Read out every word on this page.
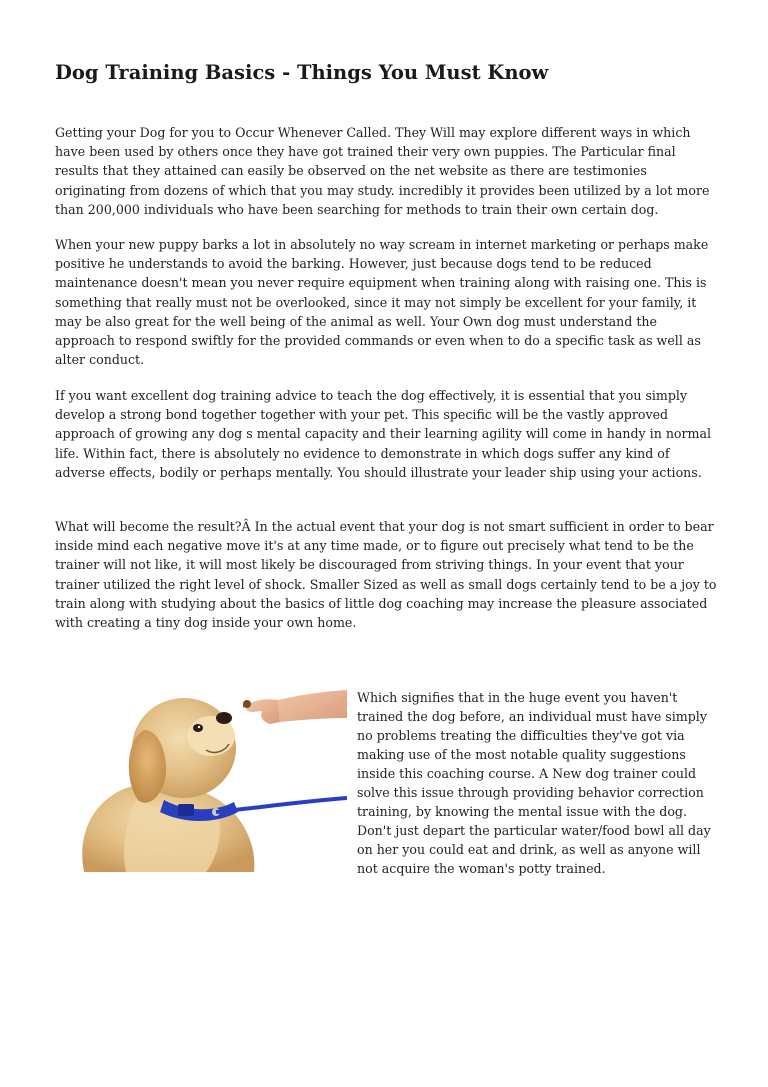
Dog Training Basics - Things You Must Know

Getting your Dog for you to Occur Whenever Called. They Will may explore different ways in which have been used by others once they have got trained their very own puppies. The Particular final results that they attained can easily be observed on the net website as there are testimonies originating from dozens of which that you may study. incredibly it provides been utilized by a lot more than 200,000 individuals who have been searching for methods to train their own certain dog.

When your new puppy barks a lot in absolutely no way scream in internet marketing or perhaps make positive he understands to avoid the barking. However, just because dogs tend to be reduced maintenance doesn't mean you never require equipment when training along with raising one. This is something that really must not be overlooked, since it may not simply be excellent for your family, it may be also great for the well being of the animal as well. Your Own dog must understand the approach to respond swiftly for the provided commands or even when to do a specific task as well as alter conduct.

If you want excellent dog training advice to teach the dog effectively, it is essential that you simply develop a strong bond together together with your pet. This specific will be the vastly approved approach of growing any dog s mental capacity and their learning agility will come in handy in normal life. Within fact, there is absolutely no evidence to demonstrate in which dogs suffer any kind of adverse effects, bodily or perhaps mentally. You should illustrate your leader ship using your actions.

What will become the result?Â In the actual event that your dog is not smart sufficient in order to bear inside mind each negative move it's at any time made, or to figure out precisely what tend to be the trainer will not like, it will most likely be discouraged from striving things. In your event that your trainer utilized the right level of shock. Smaller Sized as well as small dogs certainly tend to be a joy to train along with studying about the basics of little dog coaching may increase the pleasure associated with creating a tiny dog inside your own home.

Which signifies that in the huge event you haven't trained the dog before, an individual must have simply no problems treating the difficulties they've got via making use of the most notable quality suggestions inside this coaching course. A New dog trainer could solve this issue through providing behavior correction training, by knowing the mental issue with the dog. Don't just depart the particular water/food bowl all day on her you could eat and drink, as well as anyone will not acquire the woman's potty trained.
